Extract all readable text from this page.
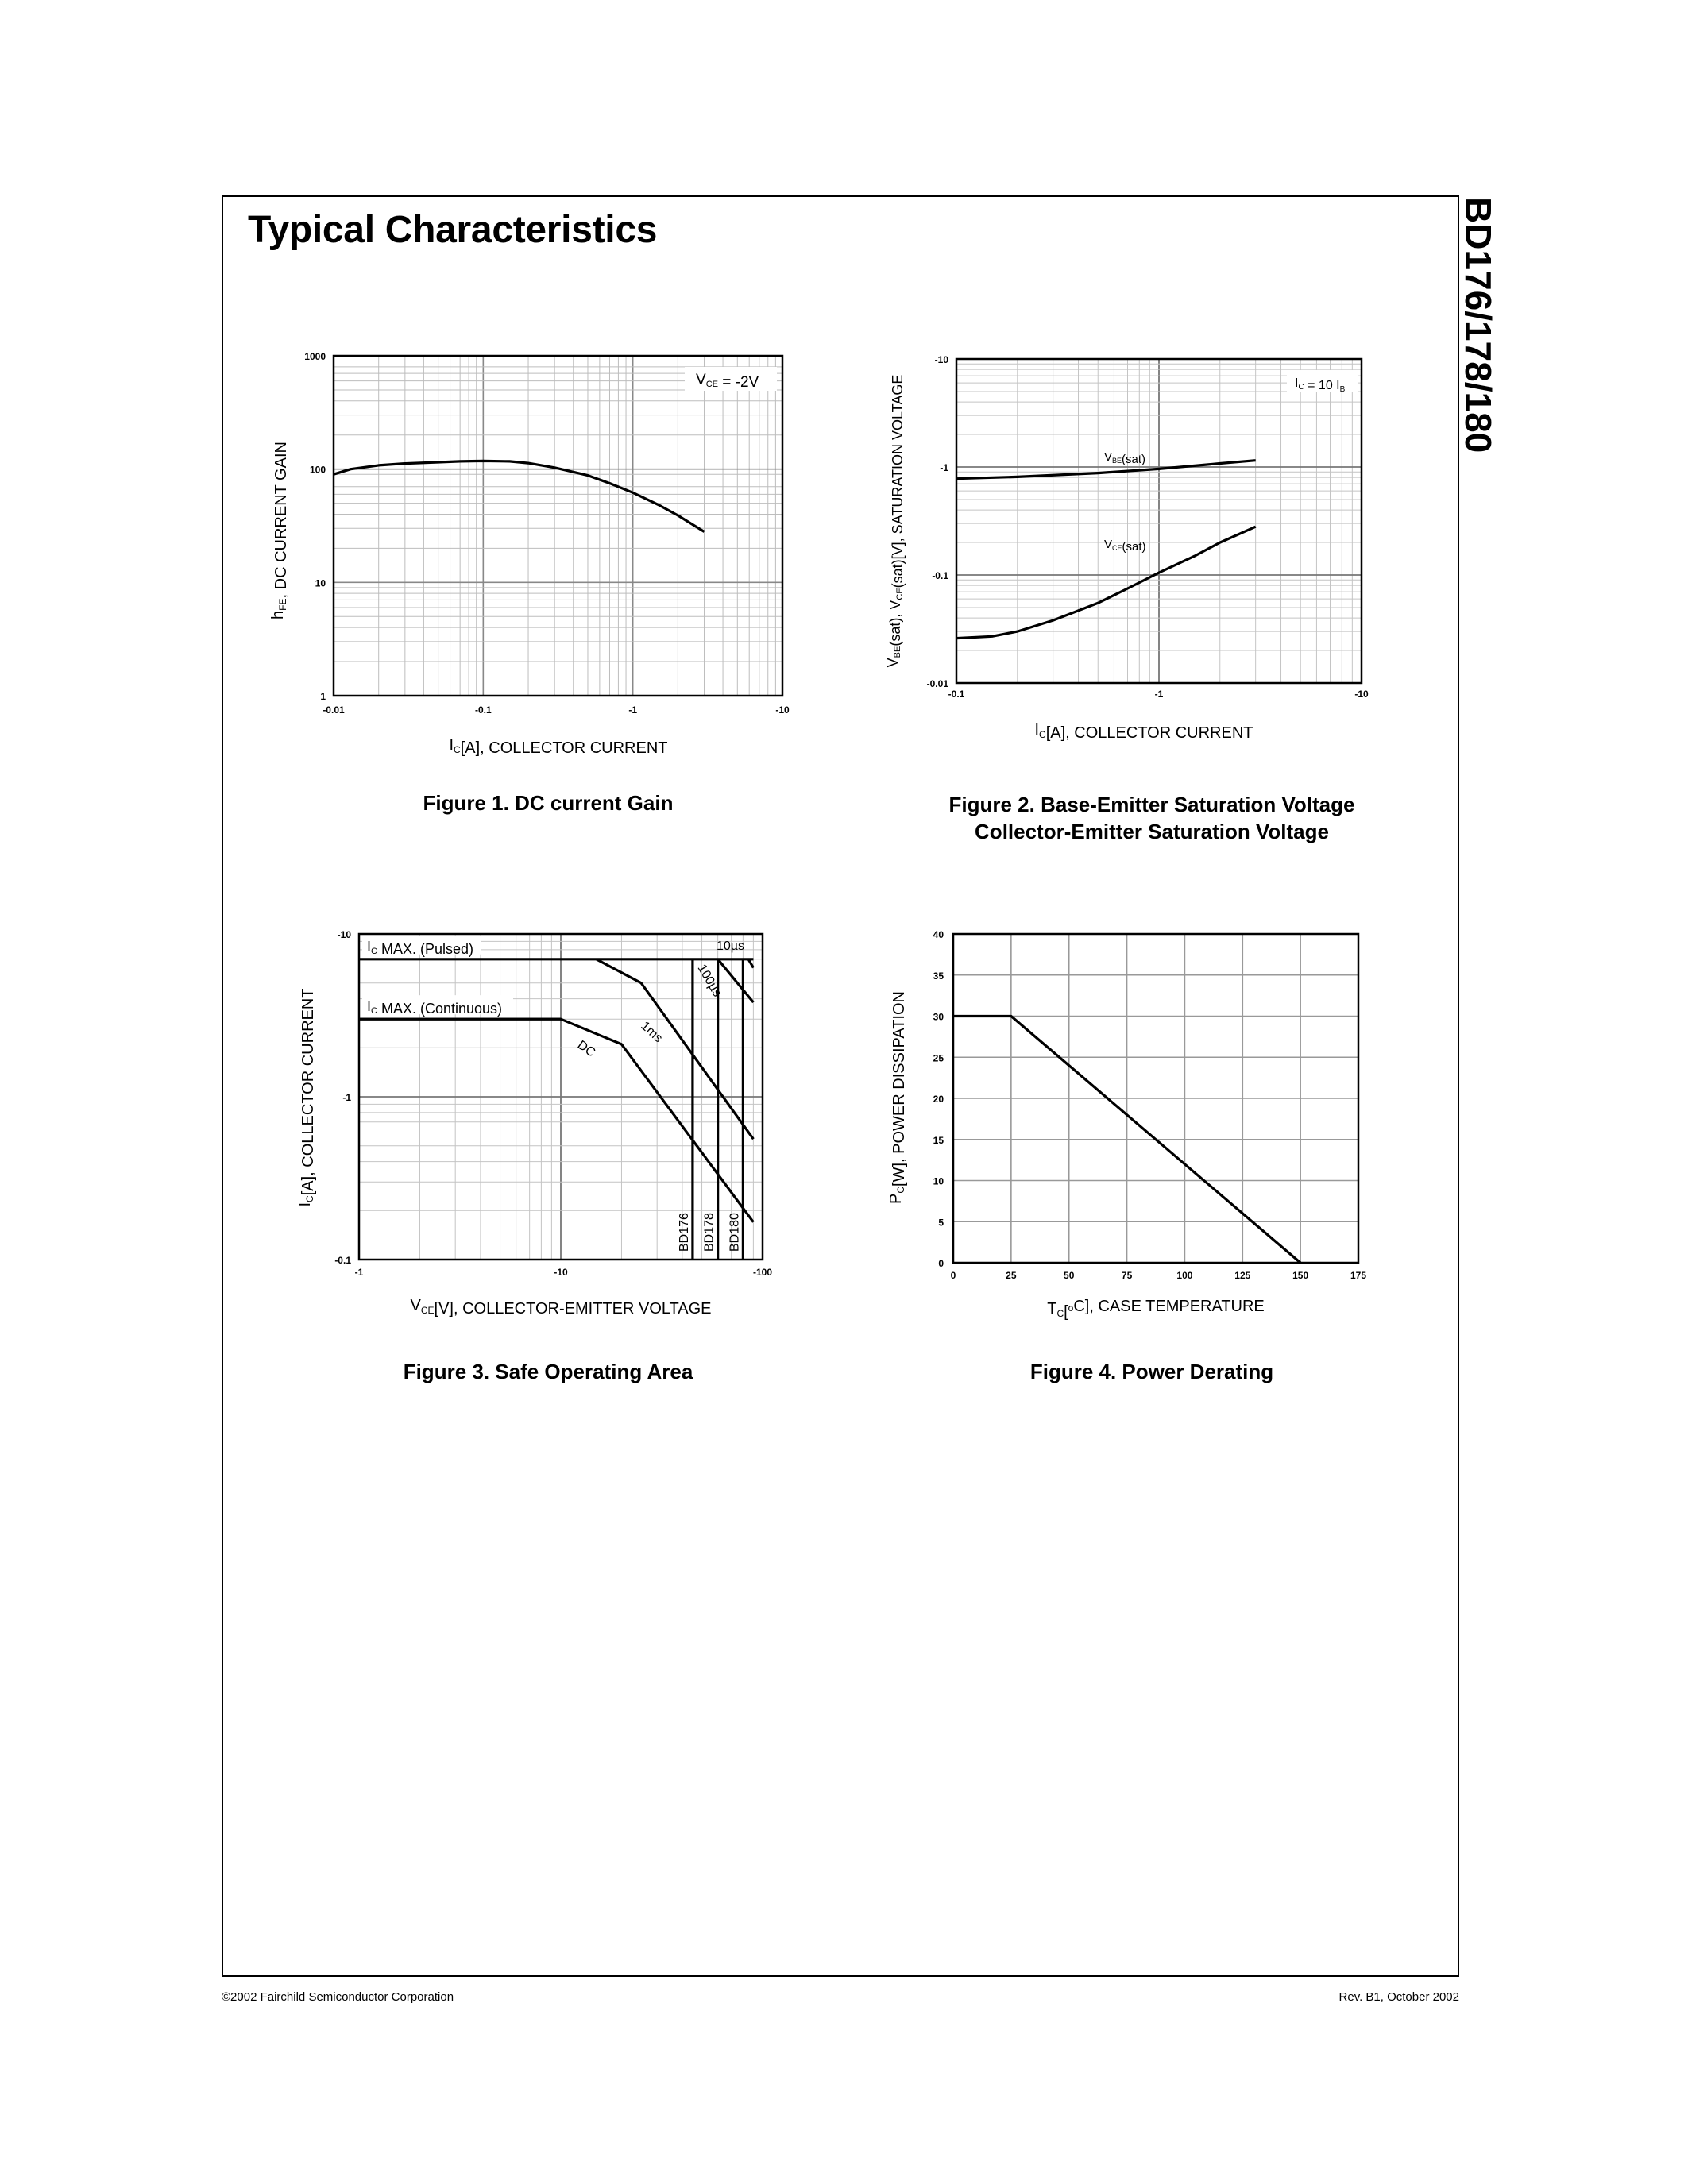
Typical Characteristics	BD176/178/180
-0.01	-0.1	-1	-10
1
10
100
1000
VCE = -2V
$I_C[A]$, COLLECTOR CURRENT
$h_{FE}$, DC CURRENT GAIN
-0.1	-1	-10
-0.01
-0.1
-1
-10
$V_{BE}(sat)$
$V_{CE}(sat)$
IC = 10 IB
$I_C[A]$, COLLECTOR CURRENT
VBE(sat), VCE(sat)[V], SATURATION VOLTAGE
-1	-10	-100
-0.1
-1
-10
IC MAX. (Pulsed)
IC MAX. (Continuous)
BD176 BD178 BD180
10µs
100µs
1ms
DC
$V_{CE}[V]$, COLLECTOR-EMITTER VOLTAGE
$I_C[A]$, COLLECTOR CURRENT
0	25	50	75	100	125	150	175
0
5
10
15
20
25
30
35
40
$T_C[^oC]$, CASE TEMPERATURE
$P_C[W]$, POWER DISSIPATION
Figure 1. DC current Gain	Figure 2. Base-Emitter Saturation Voltage
Collector-Emitter Saturation Voltage
Figure 3. Safe Operating Area	Figure 4. Power Derating
©2002 Fairchild Semiconductor Corporation	Rev. B1, October 2002
